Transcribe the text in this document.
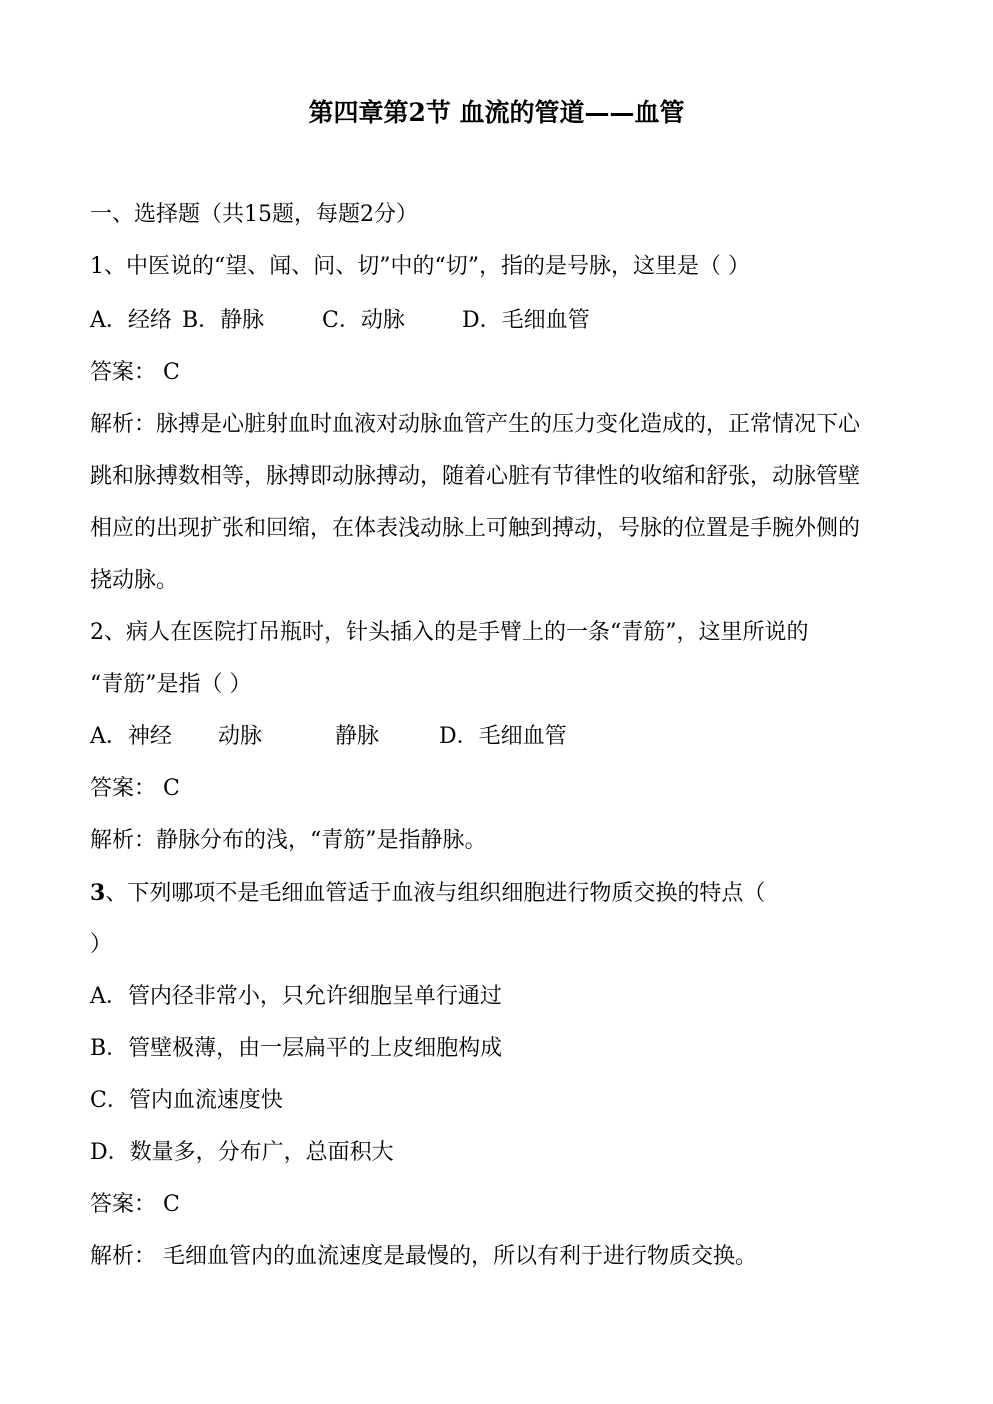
第四章第2节 血流的管道——血管
一、选择题（共15题，每题2分）
1、中医说的“望、闻、问、切”中的“切”，指的是号脉，这里是（ ）
A．经络 B．静脉	C．动脉	D．毛细血管
答案： C
解析：脉搏是心脏射血时血液对动脉血管产生的压力变化造成的，正常情况下心
跳和脉搏数相等，脉搏即动脉搏动，随着心脏有节律性的收缩和舒张，动脉管壁
相应的出现扩张和回缩，在体表浅动脉上可触到搏动，号脉的位置是手腕外侧的
挠动脉。
2、病人在医院打吊瓶时，针头插入的是手臂上的一条“青筋”，这里所说的
“青筋”是指（ ）
A．神经 动脉	静脉	D．毛细血管
答案： C
解析：静脉分布的浅，“青筋”是指静脉。
3、下列哪项不是毛细血管适于血液与组织细胞进行物质交换的特点（
）
A．管内径非常小，只允许细胞呈单行通过
B．管壁极薄，由一层扁平的上皮细胞构成
C．管内血流速度快
D．数量多，分布广，总面积大
答案： C
解析： 毛细血管内的血流速度是最慢的，所以有利于进行物质交换。
